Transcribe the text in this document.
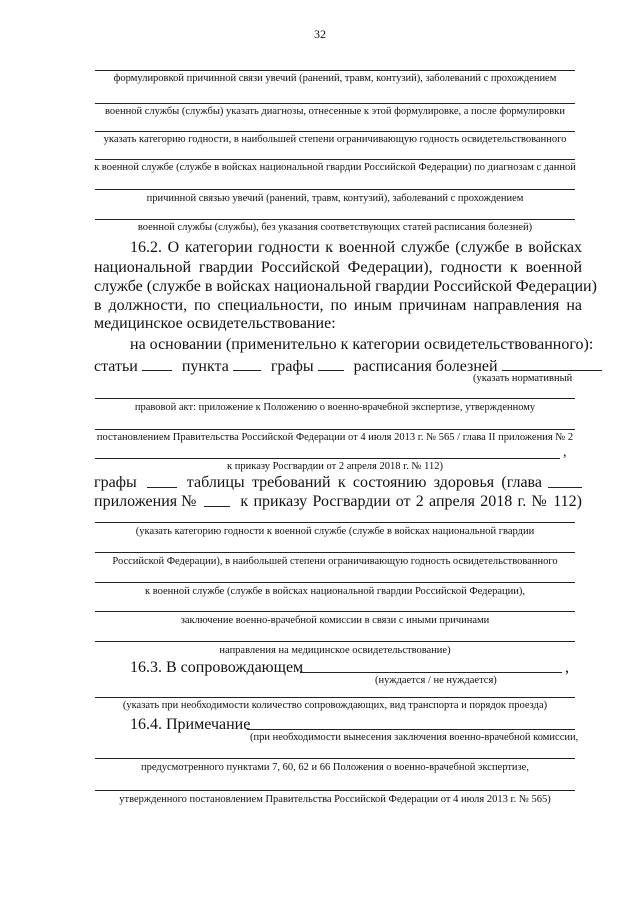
32
формулировкой причинной связи увечий (ранений, травм, контузий), заболеваний с прохождением
военной службы (службы) указать диагнозы, отнесенные к этой формулировке, а после формулировки
указать категорию годности, в наибольшей степени ограничивающую годность освидетельствованного
к военной службе (службе в войсках национальной гвардии Российской Федерации) по диагнозам с данной
причинной связью увечий (ранений, травм, контузий), заболеваний с прохождением
военной службы (службы), без указания соответствующих статей расписания болезней)
16.2. О категории годности к военной службе (службе в войсках
национальной гвардии Российской Федерации), годности к военной
службе (службе в войсках национальной гвардии Российской Федерации)
в должности, по специальности, по иным причинам направления на
медицинское освидетельствование:
на основании (применительно к категории освидетельствованного):
статьи	пункта	графы	расписания болезней
(указать нормативный
правовой акт: приложение к Положению о военно-врачебной экспертизе, утвержденному
постановлением Правительства Российской Федерации от 4 июля 2013 г. № 565 / глава II приложения № 2
,
к приказу Росгвардии от 2 апреля 2018 г. № 112)
графы	таблицы требований к состоянию здоровья (глава
приложения №	к приказу Росгвардии от 2 апреля 2018 г. № 112)
(указать категорию годности к военной службе (службе в войсках национальной гвардии
Российской Федерации), в наибольшей степени ограничивающую годность освидетельствованного
к военной службе (службе в войсках национальной гвардии Российской Федерации),
заключение военно-врачебной комиссии в связи с иными причинами
направления на медицинское освидетельствование)
16.3. В сопровождающем	,
(нуждается / не нуждается)
(указать при необходимости количество сопровождающих, вид транспорта и порядок проезда)
16.4. Примечание
(при необходимости вынесения заключения военно-врачебной комиссии,
предусмотренного пунктами 7, 60, 62 и 66 Положения о военно-врачебной экспертизе,
утвержденного постановлением Правительства Российской Федерации от 4 июля 2013 г. № 565)
